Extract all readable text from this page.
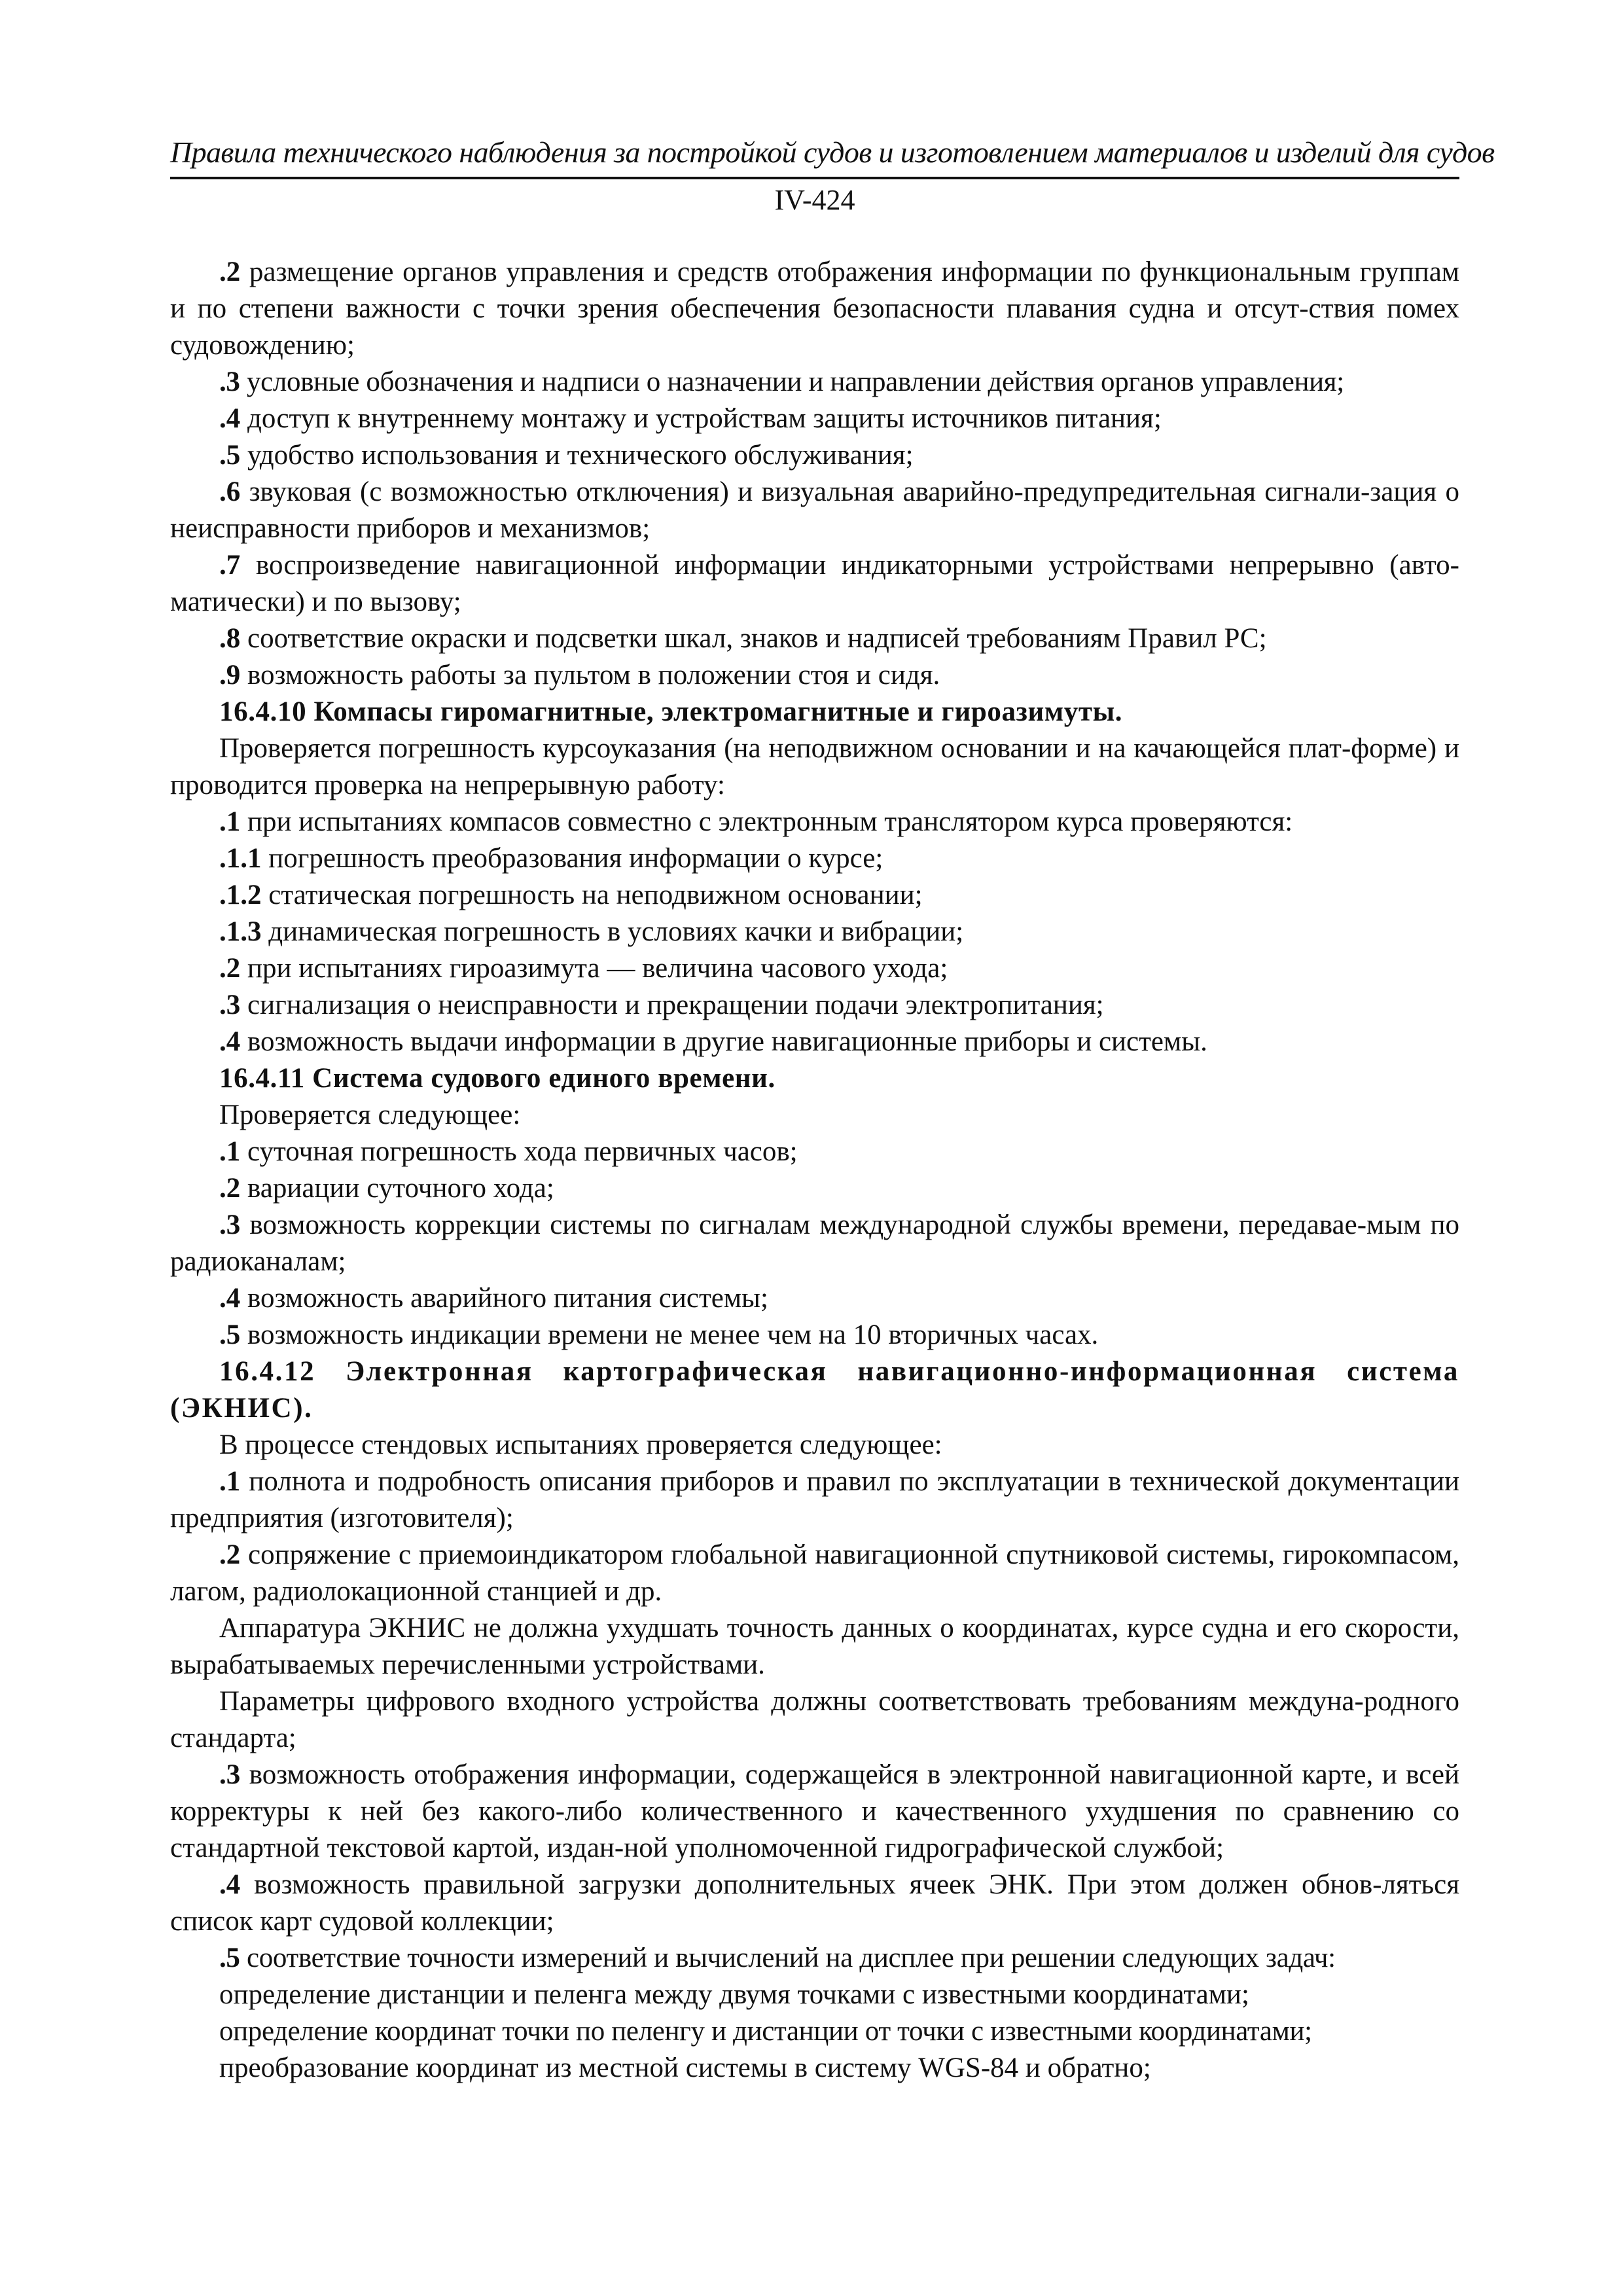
Правила технического наблюдения за постройкой судов и изготовлением материалов и изделий для судов
IV-424

.2 размещение органов управления и средств отображения информации по функциональным группам и по степени важности с точки зрения обеспечения безопасности плавания судна и отсут-ствия помех судовождению;

.3 условные обозначения и надписи о назначении и направлении действия органов управления;

.4 доступ к внутреннему монтажу и устройствам защиты источников питания;

.5 удобство использования и технического обслуживания;

.6 звуковая (с возможностью отключения) и визуальная аварийно-предупредительная сигнали-зация о неисправности приборов и механизмов;

.7 воспроизведение навигационной информации индикаторными устройствами непрерывно (авто-матически) и по вызову;

.8 соответствие окраски и подсветки шкал, знаков и надписей требованиям Правил РС;

.9 возможность работы за пультом в положении стоя и сидя.

16.4.10 Компасы гиромагнитные, электромагнитные и гироазимуты.

Проверяется погрешность курсоуказания (на неподвижном основании и на качающейся плат-форме) и проводится проверка на непрерывную работу:

.1 при испытаниях компасов совместно с электронным транслятором курса проверяются:

.1.1 погрешность преобразования информации о курсе;

.1.2 статическая погрешность на неподвижном основании;

.1.3 динамическая погрешность в условиях качки и вибрации;

.2 при испытаниях гироазимута — величина часового ухода;

.3 сигнализация о неисправности и прекращении подачи электропитания;

.4 возможность выдачи информации в другие навигационные приборы и системы.

16.4.11 Система судового единого времени.

Проверяется следующее:

.1 суточная погрешность хода первичных часов;

.2 вариации суточного хода;

.3 возможность коррекции системы по сигналам международной службы времени, передавае-мым по радиоканалам;

.4 возможность аварийного питания системы;

.5 возможность индикации времени не менее чем на 10 вторичных часах.

16.4.12 Электронная картографическая навигационно-информационная система (ЭКНИС).

В процессе стендовых испытаниях проверяется следующее:

.1 полнота и подробность описания приборов и правил по эксплуатации в технической документации предприятия (изготовителя);

.2 сопряжение с приемоиндикатором глобальной навигационной спутниковой системы, гирокомпасом, лагом, радиолокационной станцией и др.

Аппаратура ЭКНИС не должна ухудшать точность данных о координатах, курсе судна и его скорости, вырабатываемых перечисленными устройствами.

Параметры цифрового входного устройства должны соответствовать требованиям междуна-родного стандарта;

.3 возможность отображения информации, содержащейся в электронной навигационной карте, и всей корректуры к ней без какого-либо количественного и качественного ухудшения по сравнению со стандартной текстовой картой, издан-ной уполномоченной гидрографической службой;

.4 возможность правильной загрузки дополнительных ячеек ЭНК. При этом должен обнов-ляться список карт судовой коллекции;

.5 соответствие точности измерений и вычислений на дисплее при решении следующих задач:

определение дистанции и пеленга между двумя точками с известными координатами;

определение координат точки по пеленгу и дистанции от точки с известными координатами;

преобразование координат из местной системы в систему WGS-84 и обратно;
